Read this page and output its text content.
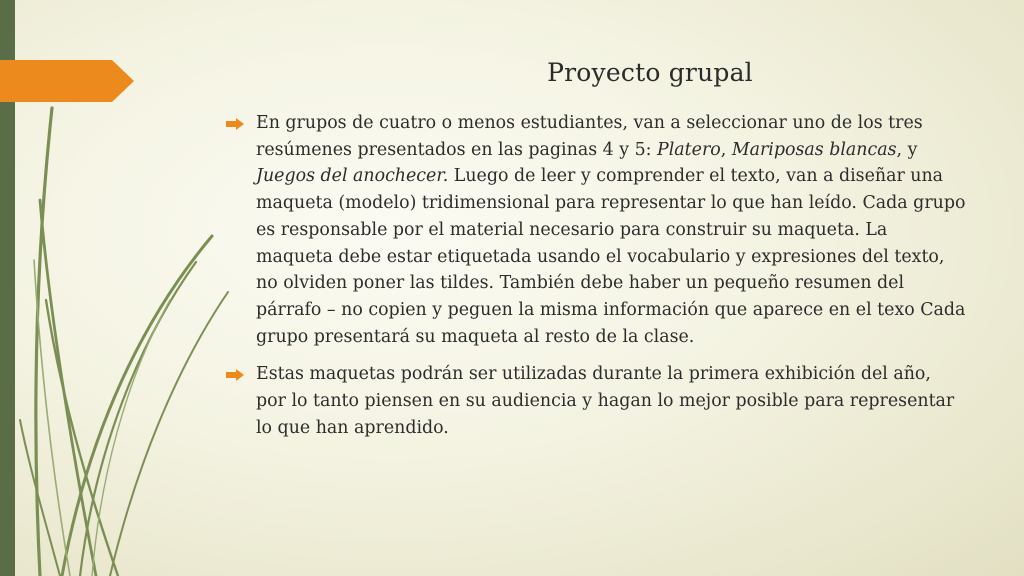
Proyecto grupal
En grupos de cuatro o menos estudiantes, van a seleccionar uno de los tres resúmenes presentados en las paginas 4 y 5: Platero, Mariposas blancas, y Juegos del anochecer. Luego de leer y comprender el texto, van a diseñar una maqueta (modelo) tridimensional para representar lo que han leído. Cada grupo es responsable por el material necesario para construir su maqueta. La maqueta debe estar etiquetada usando el vocabulario y expresiones del texto, no olviden poner las tildes. También debe haber un pequeño resumen del párrafo – no copien y peguen la misma información que aparece en el texo Cada grupo presentará su maqueta al resto de la clase.
Estas maquetas podrán ser utilizadas durante la primera exhibición del año, por lo tanto piensen en su audiencia y hagan lo mejor posible para representar lo que han aprendido.
